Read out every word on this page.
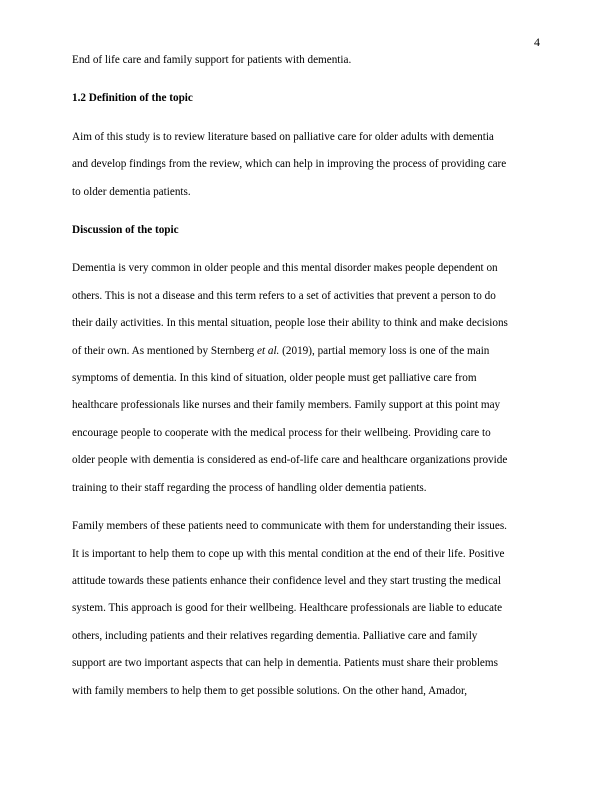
4

End of life care and family support for patients with dementia.

1.2 Definition of the topic

Aim of this study is to review literature based on palliative care for older adults with dementia
and develop findings from the review, which can help in improving the process of providing care
to older dementia patients.

Discussion of the topic

Dementia is very common in older people and this mental disorder makes people dependent on
others. This is not a disease and this term refers to a set of activities that prevent a person to do
their daily activities. In this mental situation, people lose their ability to think and make decisions
of their own. As mentioned by Sternberg et al. (2019), partial memory loss is one of the main
symptoms of dementia. In this kind of situation, older people must get palliative care from
healthcare professionals like nurses and their family members. Family support at this point may
encourage people to cooperate with the medical process for their wellbeing. Providing care to
older people with dementia is considered as end-of-life care and healthcare organizations provide
training to their staff regarding the process of handling older dementia patients.

Family members of these patients need to communicate with them for understanding their issues.
It is important to help them to cope up with this mental condition at the end of their life. Positive
attitude towards these patients enhance their confidence level and they start trusting the medical
system. This approach is good for their wellbeing. Healthcare professionals are liable to educate
others, including patients and their relatives regarding dementia. Palliative care and family
support are two important aspects that can help in dementia. Patients must share their problems
with family members to help them to get possible solutions. On the other hand, Amador,
